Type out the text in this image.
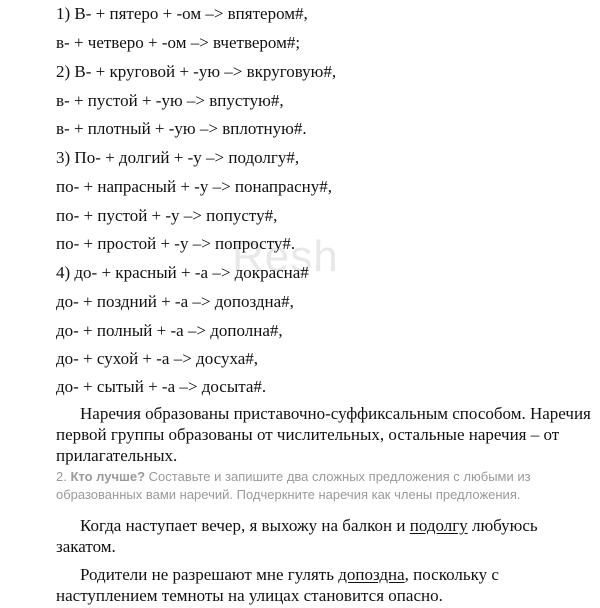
Resh
1) В- + пятеро + -ом –> впятером#,
в- + четверо + -ом –> вчетвером#;
2) В- + круговой + -ую –> вкруговую#,
в- + пустой + -ую –> впустую#,
в- + плотный + -ую –> вплотную#.
3) По- + долгий + -у –> подолгу#,
по- + напрасный + -у –> понапрасну#,
по- + пустой + -у –> попусту#,
по- + простой + -у –> попросту#.
4) до- + красный + -а –> докрасна#
до- + поздний + -а –> допоздна#,
до- + полный + -а –> дополна#,
до- + сухой + -а –> досуха#,
до- + сытый + -а –> досыта#.
Наречия образованы приставочно-суффиксальным способом. Наречия
первой группы образованы от числительных, остальные наречия – от
прилагательных.
2. Кто лучше? Составьте и запишите два сложных предложения с любыми из
образованных вами наречий. Подчеркните наречия как члены предложения.
Когда наступает вечер, я выхожу на балкон и подолгу любуюсь
закатом.
Родители не разрешают мне гулять допоздна, поскольку с
наступлением темноты на улицах становится опасно.
